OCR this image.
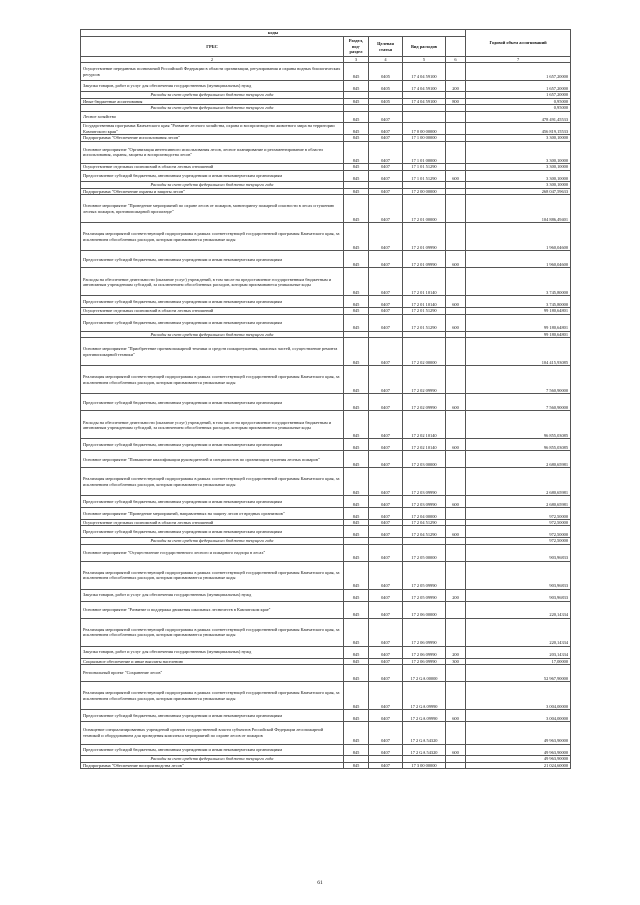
	коды					Годовой объем ассигнований
ГРБС	Раздел, под-раздел	Целевая статья	Вид расходов		
	2	3	4	5	6	7
	Осуществление переданных полномочий Российской Федерации в области организации, регулирования и охраны водных биологических ресурсов	845	0405	17 4 04 59100		1 657,20000
	Закупка товаров, работ и услуг для обеспечения государственных (муниципальных) нужд	845	0405	17 4 04 59100	200	1 657,20000
	Расходы за счет средств федерального бюджета текущего года					1 657,20000
	Иные бюджетные ассигнования	845	0405	17 4 04 59100	800	0,95000
	Расходы за счет средств федерального бюджета текущего года					0,95000
	Лесное хозяйство	845	0407			478 491,45533
	Государственная программа Камчатского края "Развитие лесного хозяйства, охрана и воспроизводство животного мира на территории Камчатского края"	845	0407	17 0 00 00000		456 819,15533
	Подпрограмма "Обеспечение использования лесов"	845	0407	17 1 00 00000		3 300,10000
	Основное мероприятие "Организация интенсивного использования лесов, лесное планирование и регламентирование в области использования, охраны, защиты и воспроизводства лесов"	845	0407	17 1 01 00000		3 300,10000
	Осуществление отдельных полномочий в области лесных отношений	845	0407	17 1 01 51290		3 300,10000
	Предоставление субсидий бюджетным, автономным учреждениям и иным некоммерческим организациям	845	0407	17 1 01 51290	600	3 300,10000
	Расходы за счет средств федерального бюджета текущего года					3 300,10000
	Подпрограмма "Обеспечение охраны и защиты лесов"	845	0407	17 2 00 00000		268 047,59633
	Основное мероприятие "Проведение мероприятий по охране лесов от пожаров, мониторингу пожарной опасности в лесах и тушению лесных пожаров, противопожарной пропаганде"	845	0407	17 2 01 00000		104 886,49401
	Реализация мероприятий соответствующей подпрограммы в рамках соответствующей государственной программы Камчатского края, за исключением обособленных расходов, которым присваиваются уникальные коды	845	0407	17 2 01 09990		1 960,04600
	Предоставление субсидий бюджетным, автономным учреждениям и иным некоммерческим организациям	845	0407	17 2 01 09990	600	1 960,04600
	Расходы на обеспечение деятельности (оказание услуг) учреждений, в том числе на предоставление государственным бюджетным и автономным учреждениям субсидий, за исключением обособленных расходов, которым присваиваются уникальные коды	845	0407	17 2 01 10140		3 745,80000
	Предоставление субсидий бюджетным, автономным учреждениям и иным некоммерческим организациям	845	0407	17 2 01 10140	600	3 745,80000
	Осуществление отдельных полномочий в области лесных отношений	845	0407	17 2 01 51290		99 180,64801
	Предоставление субсидий бюджетным, автономным учреждениям и иным некоммерческим организациям	845	0407	17 2 01 51290	600	99 180,64801
	Расходы за счет средств федерального бюджета текущего года					99 180,64801
	Основное мероприятие "Приобретение противопожарной техники и средств пожаротушения, запасных частей, осуществление ремонта противопожарной техники"	845	0407	17 2 02 00000		104 415,93085
	Реализация мероприятий соответствующей подпрограммы в рамках соответствующей государственной программы Камчатского края, за исключением обособленных расходов, которым присваиваются уникальные коды	845	0407	17 2 02 09990		7 560,90000
	Предоставление субсидий бюджетным, автономным учреждениям и иным некоммерческим организациям	845	0407	17 2 02 09990	600	7 560,90000
	Расходы на обеспечение деятельности (оказание услуг) учреждений, в том числе на предоставление государственным бюджетным и автономным учреждениям субсидий, за исключением обособленных расходов, которым присваиваются уникальные коды	845	0407	17 2 02 10140		96 855,03085
	Предоставление субсидий бюджетным, автономным учреждениям и иным некоммерческим организациям	845	0407	17 2 02 10140	600	96 855,03085
	Основное мероприятие "Повышение квалификации руководителей и специалистов по организации тушения лесных пожаров"	845	0407	17 2 03 00000		2 680,65981
	Реализация мероприятий соответствующей подпрограммы в рамках соответствующей государственной программы Камчатского края, за исключением обособленных расходов, которым присваиваются уникальные коды	845	0407	17 2 03 09990		2 680,65981
	Предоставление субсидий бюджетным, автономным учреждениям и иным некоммерческим организациям	845	0407	17 2 03 09990	600	2 680,65981
	Основное мероприятие "Проведение мероприятий, направленных на защиту лесов от вредных организмов"	845	0407	17 2 04 00000		972,50000
	Осуществление отдельных полномочий в области лесных отношений	845	0407	17 2 04 51290		972,50000
	Предоставление субсидий бюджетным, автономным учреждениям и иным некоммерческим организациям	845	0407	17 2 04 51290	600	972,50000
	Расходы за счет средств федерального бюджета текущего года					972,50000
	Основное мероприятие "Осуществление государственного лесного и пожарного надзора в лесах"	845	0407	17 2 05 00000		903,96833
	Реализация мероприятий соответствующей подпрограммы в рамках соответствующей государственной программы Камчатского края, за исключением обособленных расходов, которым присваиваются уникальные коды	845	0407	17 2 05 09990		903,96833
	Закупка товаров, работ и услуг для обеспечения государственных (муниципальных) нужд	845	0407	17 2 05 09990	200	903,96833
	Основное мероприятие "Развитие и поддержка движения школьных лесничеств в Камчатском крае"	845	0407	17 2 06 00000		220,14334
	Реализация мероприятий соответствующей подпрограммы в рамках соответствующей государственной программы Камчатского края, за исключением обособленных расходов, которым присваиваются уникальные коды	845	0407	17 2 06 09990		220,14334
	Закупка товаров, работ и услуг для обеспечения государственных (муниципальных) нужд	845	0407	17 2 06 09990	200	203,14334
	Социальное обеспечение и иные выплаты населению	845	0407	17 2 06 09990	300	17,00000
	Региональный проект "Сохранение лесов"	845	0407	17 2 GA 00000		52 967,90000
	Реализация мероприятий соответствующей подпрограммы в рамках соответствующей государственной программы Камчатского края, за исключением обособленных расходов, которым присваиваются уникальные коды	845	0407	17 2 GA 09990		3 004,00000
	Предоставление субсидий бюджетным, автономным учреждениям и иным некоммерческим организациям	845	0407	17 2 GA 09990	600	3 004,00000
	Оснащение специализированных учреждений органов государственной власти субъектов Российской Федерации лесопожарной техникой и оборудованием для проведения комплекса мероприятий по охране лесов от пожаров	845	0407	17 2 GA 54320		49 963,90000
	Предоставление субсидий бюджетным, автономным учреждениям и иным некоммерческим организациям	845	0407	17 2 GA 54320	600	49 963,90000
	Расходы за счет средств федерального бюджета текущего года					49 963,90000
	Подпрограмма "Обеспечение воспроизводства лесов"	845	0407	17 3 00 00000		21 024,60000
61
